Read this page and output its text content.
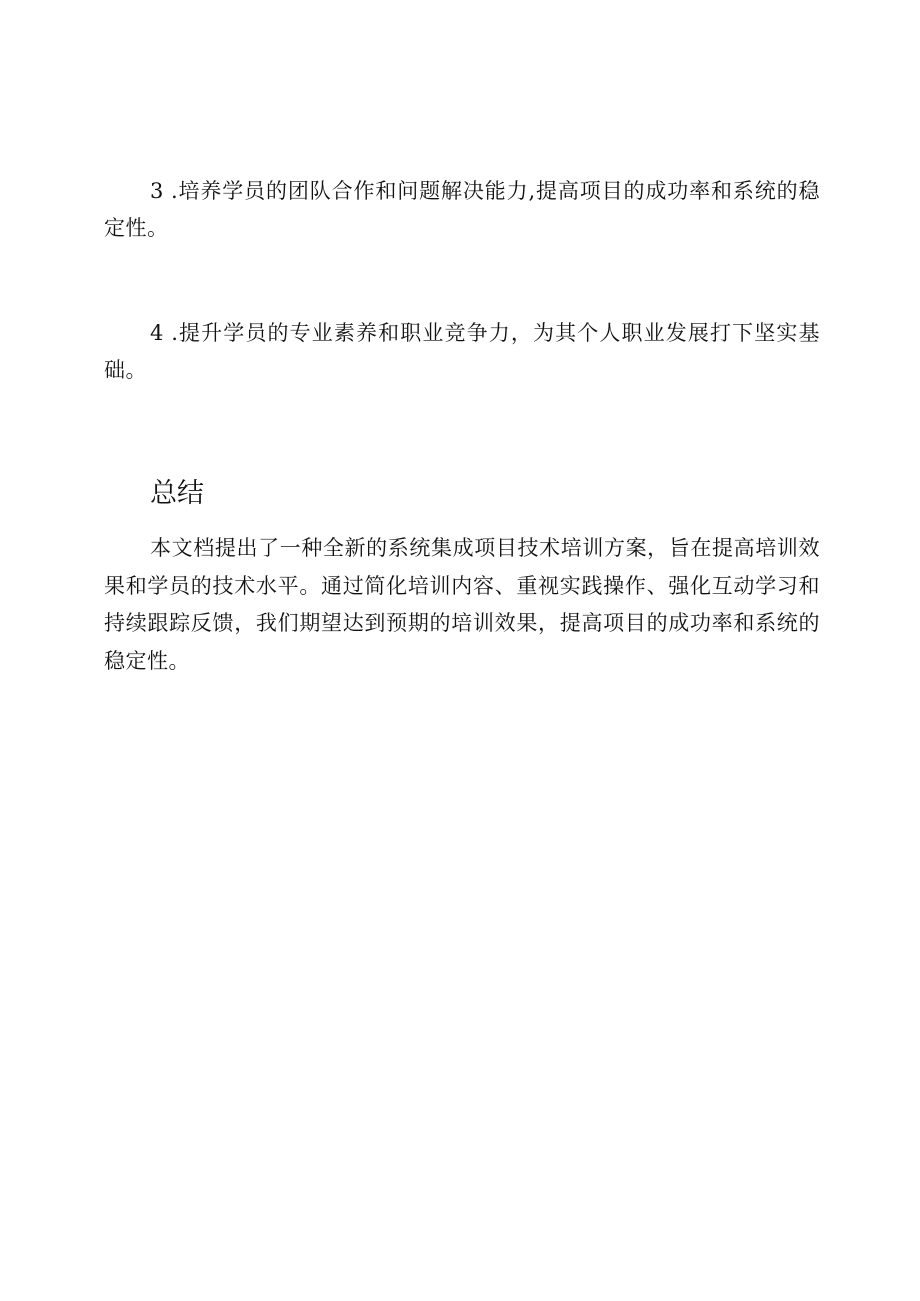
3 .培养学员的团队合作和问题解决能力,提高项目的成功率和系统的稳定性。

4 .提升学员的专业素养和职业竞争力，为其个人职业发展打下坚实基础。

总结

本文档提出了一种全新的系统集成项目技术培训方案，旨在提高培训效果和学员的技术水平。通过简化培训内容、重视实践操作、强化互动学习和持续跟踪反馈，我们期望达到预期的培训效果，提高项目的成功率和系统的稳定性。
